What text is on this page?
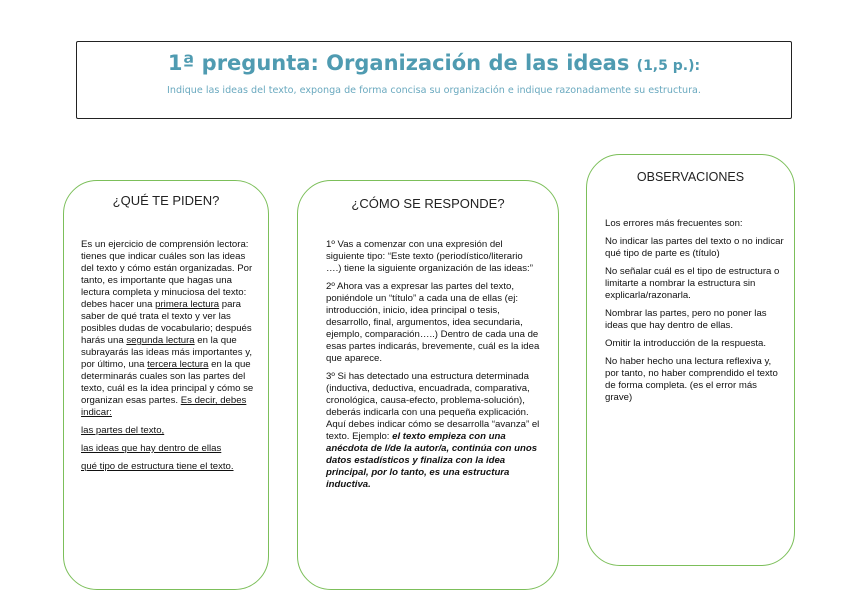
1ª pregunta: Organización de las ideas (1,5 p.):
Indique las ideas del texto, exponga de forma concisa su organización e indique razonadamente su estructura.
¿QUÉ TE PIDEN?

Es un ejercicio de comprensión lectora: tienes que indicar cuáles son las ideas del texto y cómo están organizadas. Por tanto, es importante que hagas una lectura completa y minuciosa del texto: debes hacer una primera lectura para saber de qué trata el texto y ver las posibles dudas de vocabulario; después harás una segunda lectura en la que subrayarás las ideas más importantes y, por último, una tercera lectura en la que determinarás cuales son las partes del texto, cuál es la idea principal y cómo se organizan esas partes. Es decir, debes indicar:

las partes del texto,

las ideas que hay dentro de ellas

qué tipo de estructura tiene el texto.

¿CÓMO SE RESPONDE?

1º Vas a comenzar con una expresión del siguiente tipo: “Este texto (periodístico/literario ….) tiene la siguiente organización de las ideas:”

2º Ahora vas a expresar las partes del texto, poniéndole un “título” a cada una de ellas (ej: introducción, inicio, idea principal o tesis, desarrollo, final, argumentos, idea secundaria, ejemplo, comparación…..) Dentro de cada una de esas partes indicarás, brevemente, cuál es la idea que aparece.

3º Si has detectado una estructura determinada (inductiva, deductiva, encuadrada, comparativa, cronológica, causa-efecto, problema-solución), deberás indicarla con una pequeña explicación. Aquí debes indicar cómo se desarrolla “avanza” el texto. Ejemplo: el texto empieza con una anécdota de l/de la autor/a, continúa con unos datos estadísticos y finaliza con la idea principal, por lo tanto, es una estructura inductiva.

OBSERVACIONES

Los errores más frecuentes son:

No indicar las partes del texto o no indicar qué tipo de parte es (título)

No señalar cuál es el tipo de estructura o limitarte a nombrar la estructura sin explicarla/razonarla.

Nombrar las partes, pero no poner las ideas que hay dentro de ellas.

Omitir la introducción de la respuesta.

No haber hecho una lectura reflexiva y, por tanto, no haber comprendido el texto de forma completa. (es el error más grave)
